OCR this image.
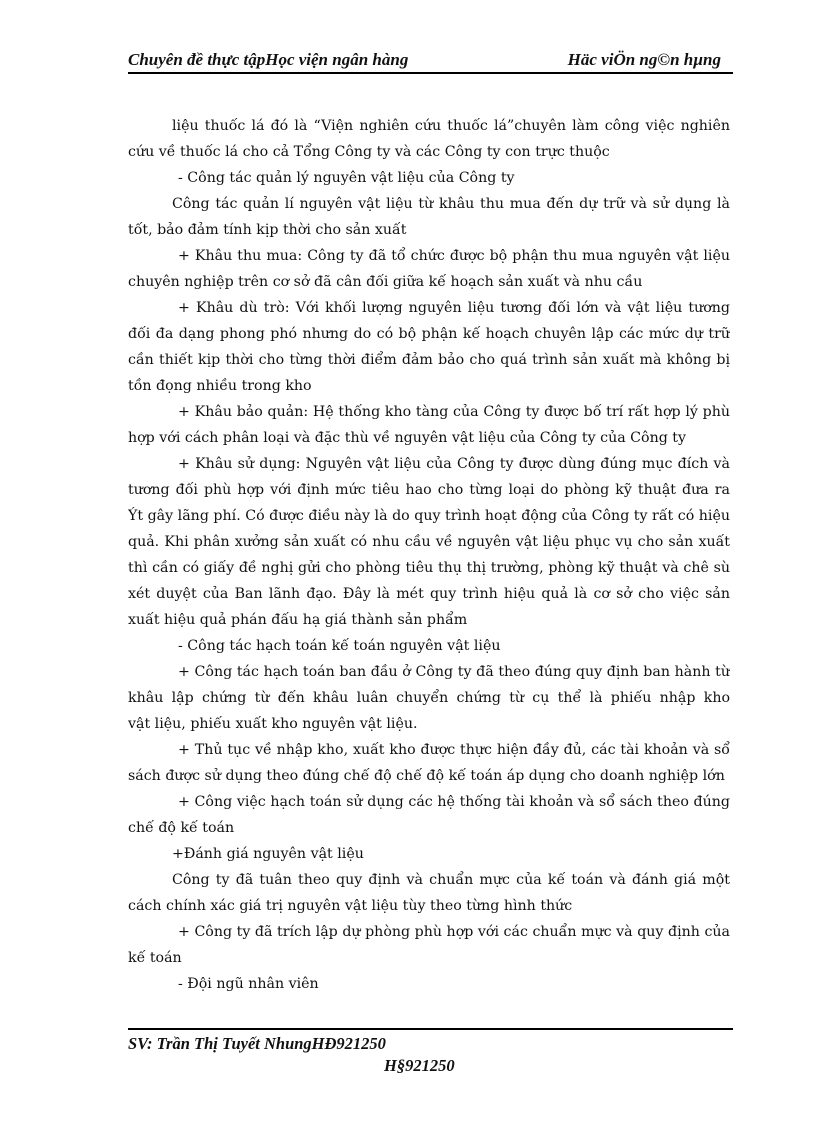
Chuyên đề thực tậpHọc viện ngân hàng	Häc viÖn ng©n hµng
liệu thuốc lá đó là “Viện nghiên cứu thuốc lá”chuyên làm công việc nghiên
cứu về thuốc lá cho cả Tổng Công ty và các Công ty con trực thuộc
- Công tác quản lý nguyên vật liệu của Công ty
Công tác quản lí nguyên vật liệu từ khâu thu mua đến dự trữ và sử dụng là
tốt, bảo đảm tính kịp thời cho sản xuất
+ Khâu thu mua: Công ty đã tổ chức được bộ phận thu mua nguyên vật liệu
chuyên nghiệp trên cơ sở đã cân đối giữa kế hoạch sản xuất và nhu cầu
+ Khâu dù trò: Với khối lượng nguyên liệu tương đối lớn và vật liệu tương
đối đa dạng phong phó nhưng do có bộ phận kế hoạch chuyên lập các mức dự trữ
cần thiết kịp thời cho từng thời điểm đảm bảo cho quá trình sản xuất mà không bị
tồn đọng nhiều trong kho
+ Khâu bảo quản: Hệ thống kho tàng của Công ty được bố trí rất hợp lý phù
hợp với cách phân loại và đặc thù về nguyên vật liệu của Công ty của Công ty
+ Khâu sử dụng: Nguyên vật liệu của Công ty được dùng đúng mục đích và
tương đối phù hợp với định mức tiêu hao cho từng loại do phòng kỹ thuật đưa ra
Ýt gây lãng phí. Có được điều này là do quy trình hoạt động của Công ty rất có hiệu
quả. Khi phân xưởng sản xuất có nhu cầu về nguyên vật liệu phục vụ cho sản xuất
thì cần có giấy đề nghị gửi cho phòng tiêu thụ thị trường, phòng kỹ thuật và chê sù
xét duyệt của Ban lãnh đạo. Đây là mét quy trình hiệu quả là cơ sở cho việc sản
xuất hiệu quả phán đấu hạ giá thành sản phẩm
- Công tác hạch toán kế toán nguyên vật liệu
+ Công tác hạch toán ban đầu ở Công ty đã theo đúng quy định ban hành từ
khâu lập chứng từ đến khâu luân chuyển chứng từ cụ thể là phiếu nhập kho
vật liệu, phiếu xuất kho nguyên vật liệu.
+ Thủ tục về nhập kho, xuất kho được thực hiện đầy đủ, các tài khoản và sổ
sách được sử dụng theo đúng chế độ chế độ kế toán áp dụng cho doanh nghiệp lớn
+ Công việc hạch toán sử dụng các hệ thống tài khoản và sổ sách theo đúng
chế độ kế toán
+Đánh giá nguyên vật liệu
Công ty đã tuân theo quy định và chuẩn mực của kế toán và đánh giá một
cách chính xác giá trị nguyên vật liệu tùy theo từng hình thức
+ Công ty đã trích lập dự phòng phù hợp với các chuẩn mực và quy định của
kế toán
- Đội ngũ nhân viên
SV: Trần Thị Tuyết NhungHĐ921250
H§921250
